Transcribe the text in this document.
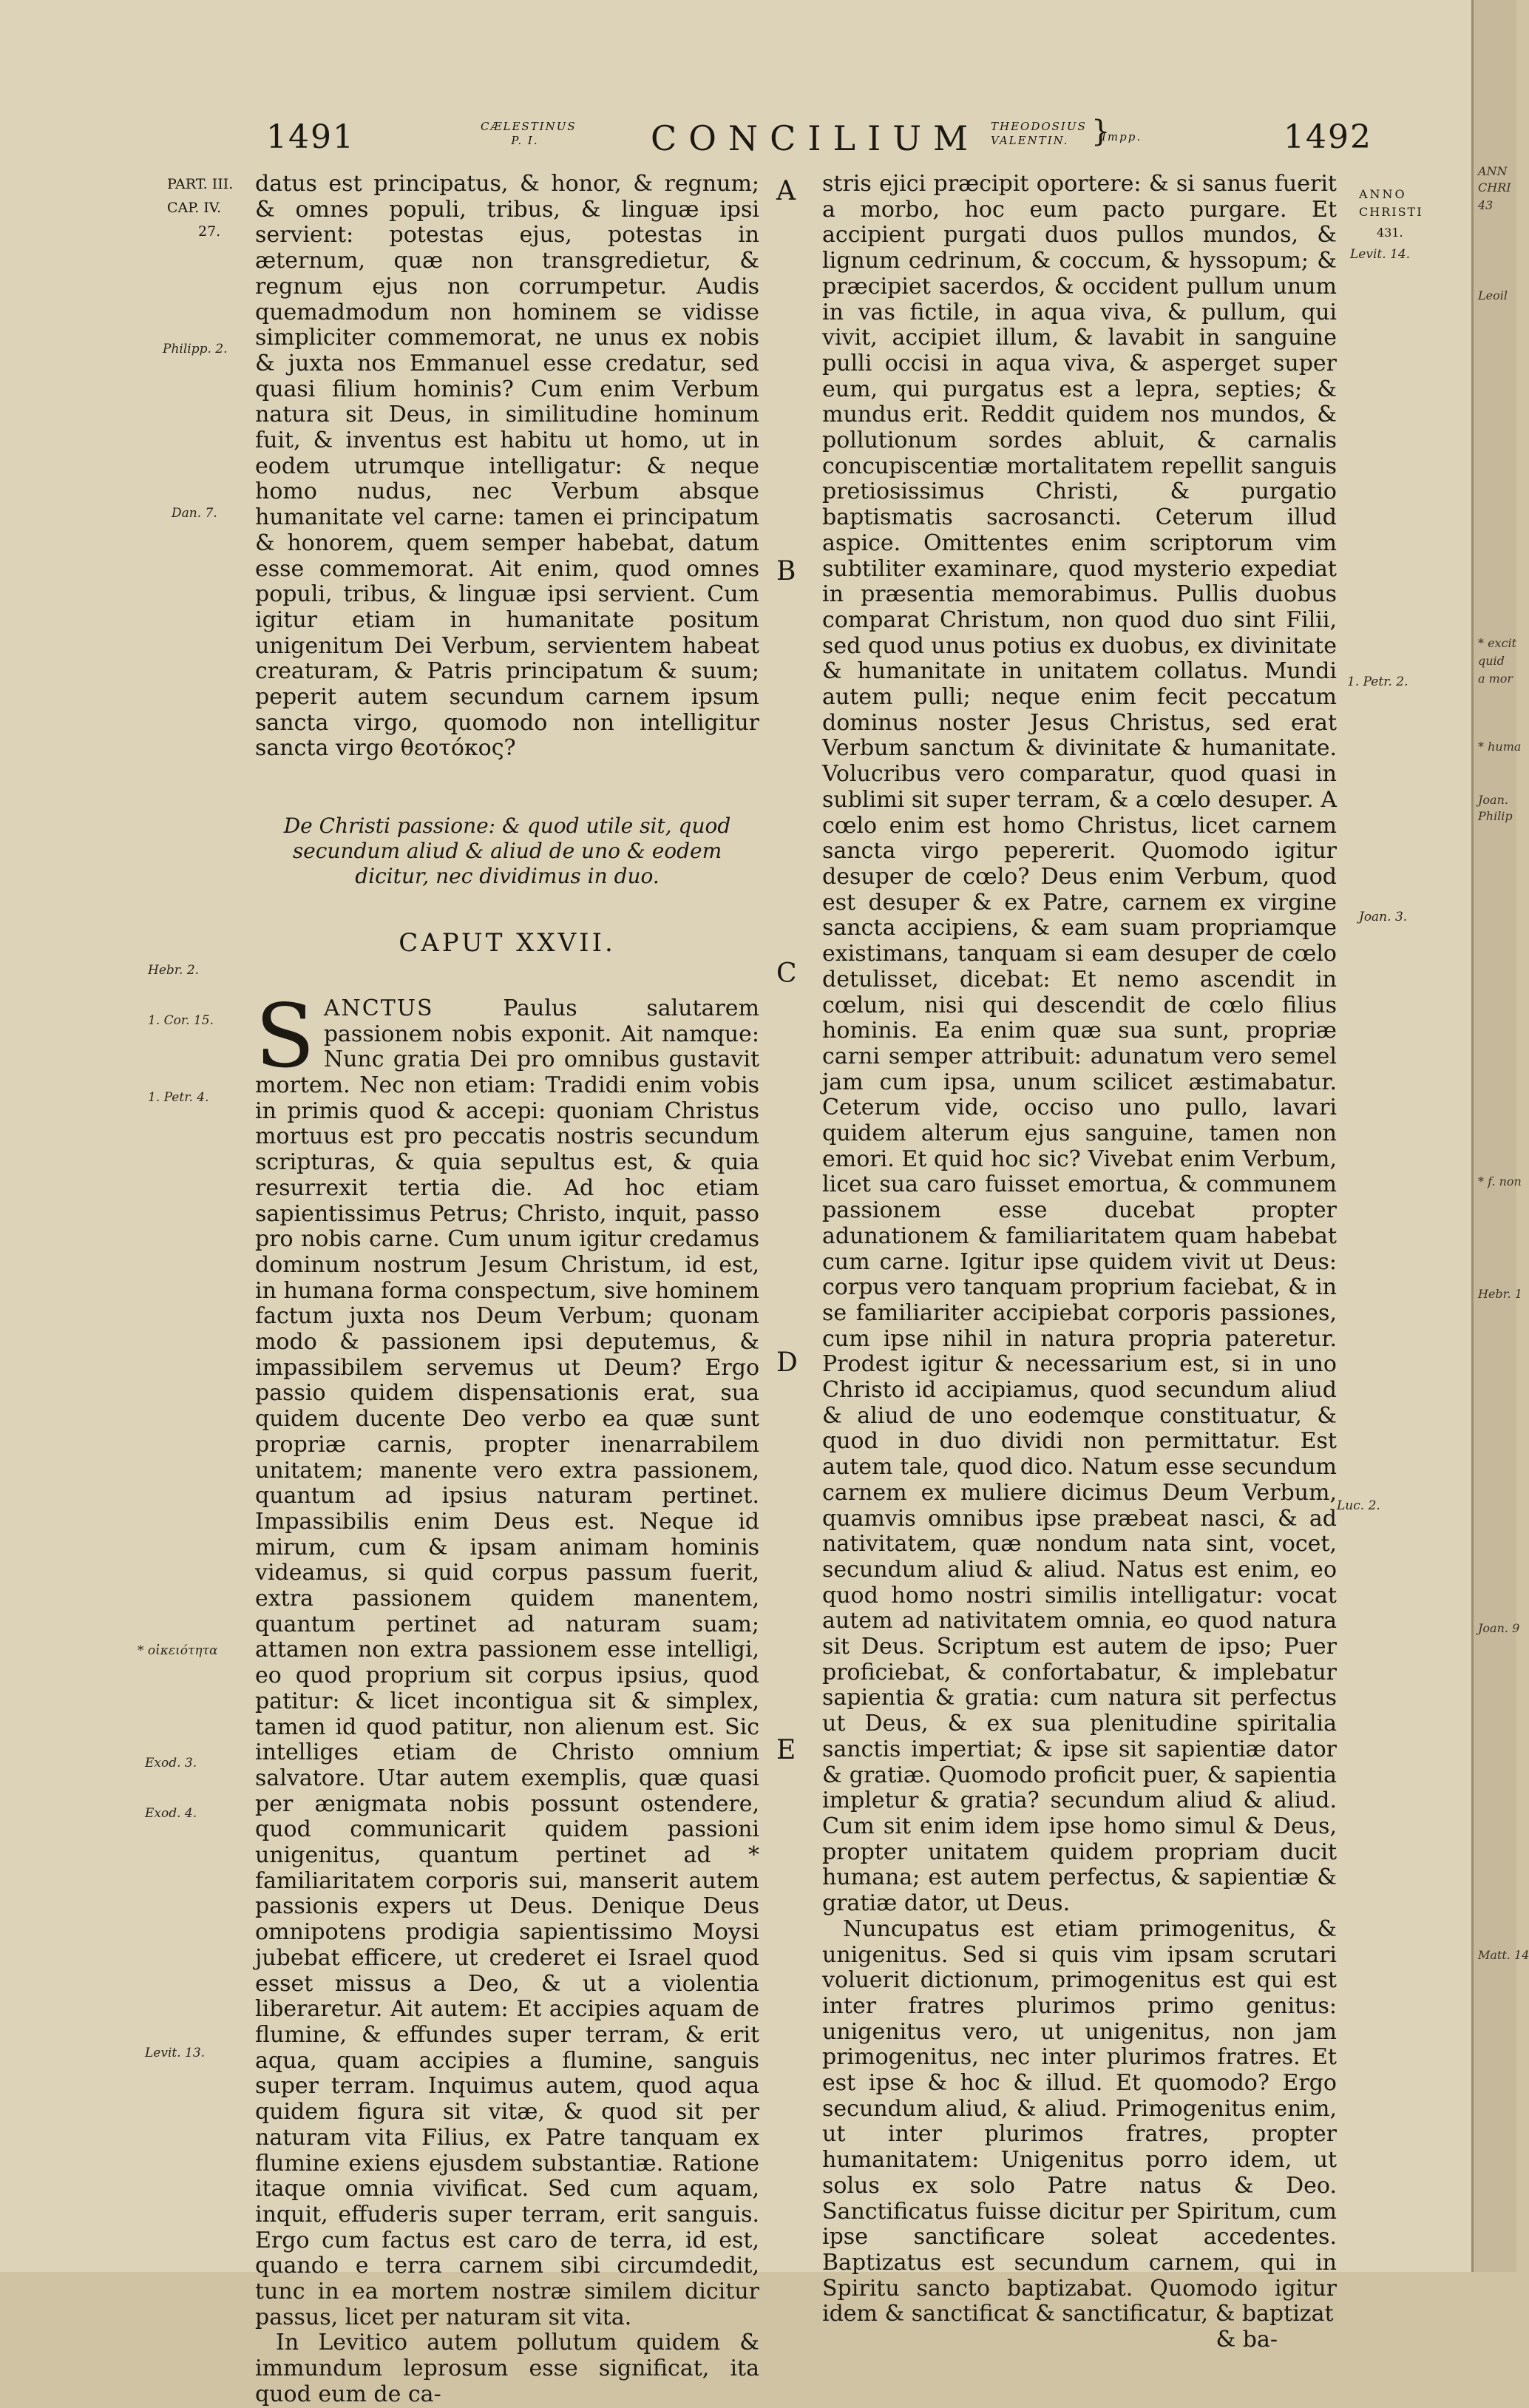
1491	CÆLESTINUS
P. I.	CONCILIUM THEODOSIUS
VALENTIN. }
Impp.	1492
PART. III.
CAP. IV.
27.
Philipp. 2.
Dan. 7.
Hebr. 2.
1. Cor. 15.
1. Petr. 4.
* οἰκειότητα
Exod. 3.
Exod. 4.
Levit. 13.
ANNO
CHRISTI
431.
Levit. 14.
1. Petr. 2.
Joan. 3.
Luc. 2.
A
B
C
D
E

datus est principatus, & honor, & regnum; & omnes populi, tribus, & linguæ ipsi servient: potestas ejus, potestas in æternum, quæ non transgredietur, & regnum ejus non corrumpetur. Audis quemadmodum non hominem se vidisse simpliciter commemorat, ne unus ex nobis & juxta nos Emmanuel esse credatur, sed quasi filium hominis? Cum enim Verbum natura sit Deus, in similitudine hominum fuit, & inventus est habitu ut homo, ut in eodem utrumque intelligatur: & neque homo nudus, nec Verbum absque humanitate vel carne: tamen ei principatum & honorem, quem semper habebat, datum esse commemorat. Ait enim, quod omnes populi, tribus, & linguæ ipsi servient. Cum igitur etiam in humanitate positum unigenitum Dei Verbum, servientem habeat creaturam, & Patris principatum & suum; peperit autem secundum carnem ipsum sancta virgo, quomodo non intelligitur sancta virgo θεοτόκος?

De Christi passione: & quod utile sit, quod secundum aliud & aliud de uno & eodem dicitur, nec dividimus in duo.
CAPUT XXVII.

SANCTUS Paulus salutarem passionem nobis exponit. Ait namque: Nunc gratia Dei pro omnibus gustavit mortem. Nec non etiam: Tradidi enim vobis in primis quod & accepi: quoniam Christus mortuus est pro peccatis nostris secundum scripturas, & quia sepultus est, & quia resurrexit tertia die. Ad hoc etiam sapientissimus Petrus; Christo, inquit, passo pro nobis carne. Cum unum igitur credamus dominum nostrum Jesum Christum, id est, in humana forma conspectum, sive hominem factum juxta nos Deum Verbum; quonam modo & passionem ipsi deputemus, & impassibilem servemus ut Deum? Ergo passio quidem dispensationis erat, sua quidem ducente Deo verbo ea quæ sunt propriæ carnis, propter inenarrabilem unitatem; manente vero extra passionem, quantum ad ipsius naturam pertinet. Impassibilis enim Deus est. Neque id mirum, cum & ipsam animam hominis videamus, si quid corpus passum fuerit, extra passionem quidem manentem, quantum pertinet ad naturam suam; attamen non extra passionem esse intelligi, eo quod proprium sit corpus ipsius, quod patitur: & licet incontigua sit & simplex, tamen id quod patitur, non alienum est. Sic intelliges etiam de Christo omnium salvatore. Utar autem exemplis, quæ quasi per ænigmata nobis possunt ostendere, quod communicarit quidem passioni unigenitus, quantum pertinet ad * familiaritatem corporis sui, manserit autem passionis expers ut Deus. Denique Deus omnipotens prodigia sapientissimo Moysi jubebat efficere, ut crederet ei Israel quod esset missus a Deo, & ut a violentia liberaretur. Ait autem: Et accipies aquam de flumine, & effundes super terram, & erit aqua, quam accipies a flumine, sanguis super terram. Inquimus autem, quod aqua quidem figura sit vitæ, & quod sit per naturam vita Filius, ex Patre tanquam ex flumine exiens ejusdem substantiæ. Ratione itaque omnia vivificat. Sed cum aquam, inquit, effuderis super terram, erit sanguis. Ergo cum factus est caro de terra, id est, quando e terra carnem sibi circumdedit, tunc in ea mortem nostræ similem dicitur passus, licet per naturam sit vita.

In Levitico autem pollutum quidem & immundum leprosum esse significat, ita quod eum de ca-

stris ejici præcipit oportere: & si sanus fuerit a morbo, hoc eum pacto purgare. Et accipient purgati duos pullos mundos, & lignum cedrinum, & coccum, & hyssopum; & præcipiet sacerdos, & occident pullum unum in vas fictile, in aqua viva, & pullum, qui vivit, accipiet illum, & lavabit in sanguine pulli occisi in aqua viva, & asperget super eum, qui purgatus est a lepra, septies; & mundus erit. Reddit quidem nos mundos, & pollutionum sordes abluit, & carnalis concupiscentiæ mortalitatem repellit sanguis pretiosissimus Christi, & purgatio baptismatis sacrosancti. Ceterum illud aspice. Omittentes enim scriptorum vim subtiliter examinare, quod mysterio expediat in præsentia memorabimus. Pullis duobus comparat Christum, non quod duo sint Filii, sed quod unus potius ex duobus, ex divinitate & humanitate in unitatem collatus. Mundi autem pulli; neque enim fecit peccatum dominus noster Jesus Christus, sed erat Verbum sanctum & divinitate & humanitate. Volucribus vero comparatur, quod quasi in sublimi sit super terram, & a cœlo desuper. A cœlo enim est homo Christus, licet carnem sancta virgo pepererit. Quomodo igitur desuper de cœlo? Deus enim Verbum, quod est desuper & ex Patre, carnem ex virgine sancta accipiens, & eam suam propriamque existimans, tanquam si eam desuper de cœlo detulisset, dicebat: Et nemo ascendit in cœlum, nisi qui descendit de cœlo filius hominis. Ea enim quæ sua sunt, propriæ carni semper attribuit: adunatum vero semel jam cum ipsa, unum scilicet æstimabatur. Ceterum vide, occiso uno pullo, lavari quidem alterum ejus sanguine, tamen non emori. Et quid hoc sic? Vivebat enim Verbum, licet sua caro fuisset emortua, & communem passionem esse ducebat propter adunationem & familiaritatem quam habebat cum carne. Igitur ipse quidem vivit ut Deus: corpus vero tanquam proprium faciebat, & in se familiariter accipiebat corporis passiones, cum ipse nihil in natura propria pateretur. Prodest igitur & necessarium est, si in uno Christo id accipiamus, quod secundum aliud & aliud de uno eodemque constituatur, & quod in duo dividi non permittatur. Est autem tale, quod dico. Natum esse secundum carnem ex muliere dicimus Deum Verbum, quamvis omnibus ipse præbeat nasci, & ad nativitatem, quæ nondum nata sint, vocet, secundum aliud & aliud. Natus est enim, eo quod homo nostri similis intelligatur: vocat autem ad nativitatem omnia, eo quod natura sit Deus. Scriptum est autem de ipso; Puer proficiebat, & confortabatur, & implebatur sapientia & gratia: cum natura sit perfectus ut Deus, & ex sua plenitudine spiritalia sanctis impertiat; & ipse sit sapientiæ dator & gratiæ. Quomodo proficit puer, & sapientia impletur & gratia? secundum aliud & aliud. Cum sit enim idem ipse homo simul & Deus, propter unitatem quidem propriam ducit humana; est autem perfectus, & sapientiæ & gratiæ dator, ut Deus.

Nuncupatus est etiam primogenitus, & unigenitus. Sed si quis vim ipsam scrutari voluerit dictionum, primogenitus est qui est inter fratres plurimos primo genitus: unigenitus vero, ut unigenitus, non jam primogenitus, nec inter plurimos fratres. Et est ipse & hoc & illud. Et quomodo? Ergo secundum aliud, & aliud. Primogenitus enim, ut inter plurimos fratres, propter humanitatem: Unigenitus porro idem, ut solus ex solo Patre natus & Deo. Sanctificatus fuisse dicitur per Spiritum, cum ipse sanctificare soleat accedentes. Baptizatus est secundum carnem, qui in Spiritu sancto baptizabat. Quomodo igitur idem & sanctificat & sanctificatur, & baptizat

& ba-

ANN
CHRI
43
Leoil
* excit
quid
a mor
* huma
Joan.
Philip
* f. non
Hebr. 1
Joan. 9
Matt. 14
